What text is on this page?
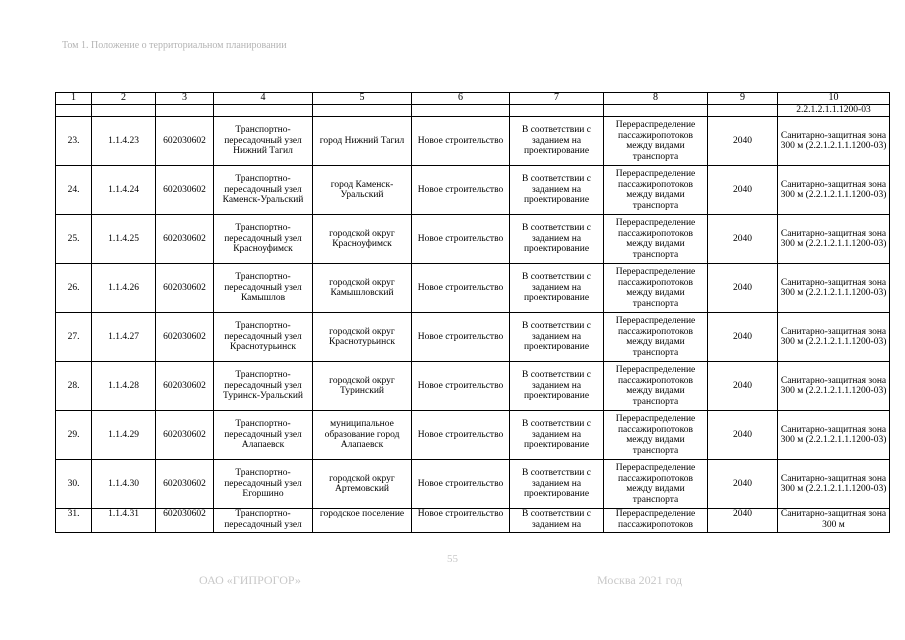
Том 1. Положение о территориальном планировании
1	2	3	4	5	6	7	8	9	10
									2.2.1.2.1.1.1200-03
23.	1.1.4.23	602030602	Транспортно-пересадочный узел Нижний Тагил	город Нижний Тагил	Новое строительство	В соответствии с заданием на проектирование	Перераспределение пассажиропотоков между видами транспорта	2040	Санитарно-защитная зона 300 м (2.2.1.2.1.1.1200-03)
24.	1.1.4.24	602030602	Транспортно-пересадочный узел Каменск-Уральский	город Каменск-Уральский	Новое строительство	В соответствии с заданием на проектирование	Перераспределение пассажиропотоков между видами транспорта	2040	Санитарно-защитная зона 300 м (2.2.1.2.1.1.1200-03)
25.	1.1.4.25	602030602	Транспортно-пересадочный узел Красноуфимск	городской округ Красноуфимск	Новое строительство	В соответствии с заданием на проектирование	Перераспределение пассажиропотоков между видами транспорта	2040	Санитарно-защитная зона 300 м (2.2.1.2.1.1.1200-03)
26.	1.1.4.26	602030602	Транспортно-пересадочный узел Камышлов	городской округ Камышловский	Новое строительство	В соответствии с заданием на проектирование	Перераспределение пассажиропотоков между видами транспорта	2040	Санитарно-защитная зона 300 м (2.2.1.2.1.1.1200-03)
27.	1.1.4.27	602030602	Транспортно-пересадочный узел Краснотурьинск	городской округ Краснотурьинск	Новое строительство	В соответствии с заданием на проектирование	Перераспределение пассажиропотоков между видами транспорта	2040	Санитарно-защитная зона 300 м (2.2.1.2.1.1.1200-03)
28.	1.1.4.28	602030602	Транспортно-пересадочный узел Туринск-Уральский	городской округ Туринский	Новое строительство	В соответствии с заданием на проектирование	Перераспределение пассажиропотоков между видами транспорта	2040	Санитарно-защитная зона 300 м (2.2.1.2.1.1.1200-03)
29.	1.1.4.29	602030602	Транспортно-пересадочный узел Алапаевск	муниципальное образование город Алапаевск	Новое строительство	В соответствии с заданием на проектирование	Перераспределение пассажиропотоков между видами транспорта	2040	Санитарно-защитная зона 300 м (2.2.1.2.1.1.1200-03)
30.	1.1.4.30	602030602	Транспортно-пересадочный узел Егоршино	городской округ Артемовский	Новое строительство	В соответствии с заданием на проектирование	Перераспределение пассажиропотоков между видами транспорта	2040	Санитарно-защитная зона 300 м (2.2.1.2.1.1.1200-03)
31.	1.1.4.31	602030602	Транспортно-пересадочный узел	городское поселение	Новое строительство	В соответствии с заданием на	Перераспределение пассажиропотоков	2040	Санитарно-защитная зона 300 м
55
ОАО «ГИПРОГОР»	Москва 2021 год
